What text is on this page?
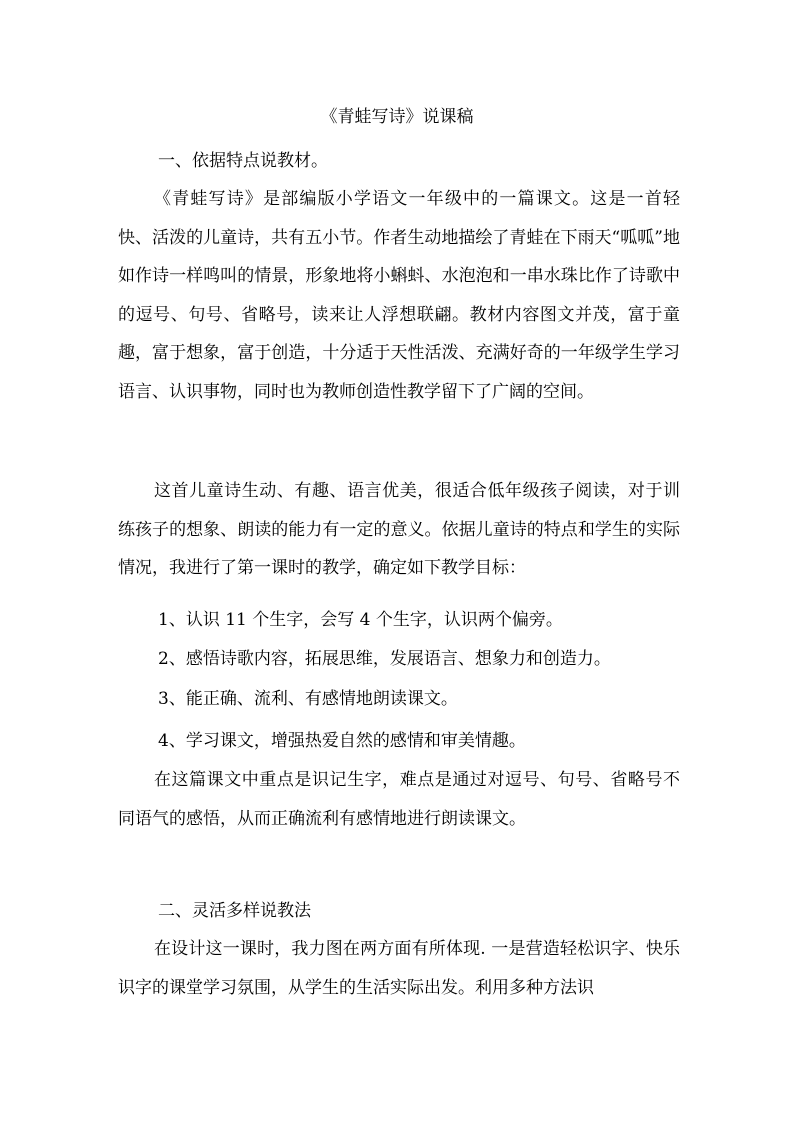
《青蛙写诗》说课稿
一、依据特点说教材。
《青蛙写诗》是部编版小学语文一年级中的一篇课文。这是一首轻快、活泼的儿童诗，共有五小节。作者生动地描绘了青蛙在下雨天“呱呱”地如作诗一样鸣叫的情景，形象地将小蝌蚪、水泡泡和一串水珠比作了诗歌中的逗号、句号、省略号，读来让人浮想联翩。教材内容图文并茂，富于童趣，富于想象，富于创造，十分适于天性活泼、充满好奇的一年级学生学习语言、认识事物，同时也为教师创造性教学留下了广阔的空间。
这首儿童诗生动、有趣、语言优美，很适合低年级孩子阅读，对于训练孩子的想象、朗读的能力有一定的意义。依据儿童诗的特点和学生的实际情况，我进行了第一课时的教学，确定如下教学目标：
1、认识 11 个生字，会写 4 个生字，认识两个偏旁。
2、感悟诗歌内容，拓展思维，发展语言、想象力和创造力。
3、能正确、流利、有感情地朗读课文。
4、学习课文，增强热爱自然的感情和审美情趣。
在这篇课文中重点是识记生字，难点是通过对逗号、句号、省略号不同语气的感悟，从而正确流利有感情地进行朗读课文。
二、灵活多样说教法
在设计这一课时，我力图在两方面有所体现. 一是营造轻松识字、快乐识字的课堂学习氛围，从学生的生活实际出发。利用多种方法识
